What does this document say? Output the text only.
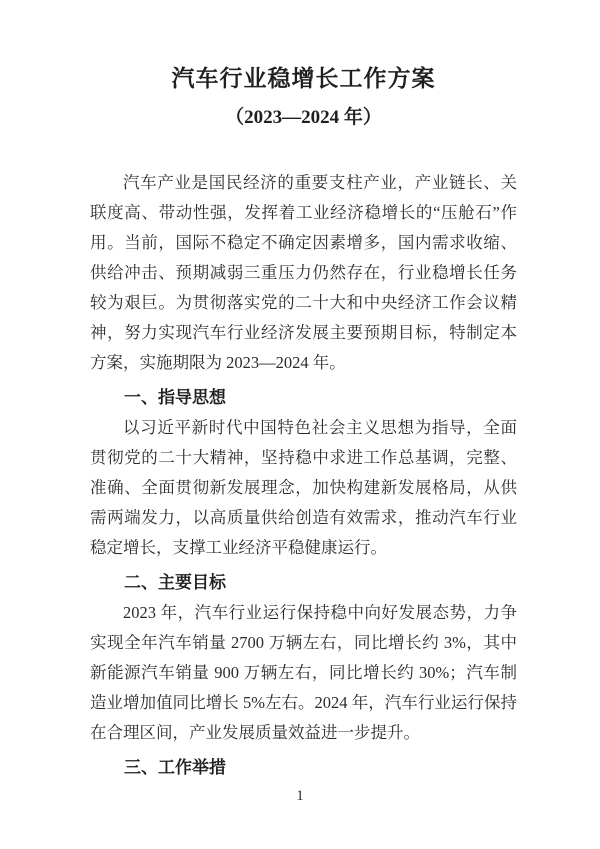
汽车行业稳增长工作方案
（2023—2024 年）

汽车产业是国民经济的重要支柱产业，产业链长、关联度高、带动性强，发挥着工业经济稳增长的“压舱石”作用。当前，国际不稳定不确定因素增多，国内需求收缩、供给冲击、预期减弱三重压力仍然存在，行业稳增长任务较为艰巨。为贯彻落实党的二十大和中央经济工作会议精神，努力实现汽车行业经济发展主要预期目标，特制定本方案，实施期限为 2023—2024 年。

一、指导思想

以习近平新时代中国特色社会主义思想为指导，全面贯彻党的二十大精神，坚持稳中求进工作总基调，完整、准确、全面贯彻新发展理念，加快构建新发展格局，从供需两端发力，以高质量供给创造有效需求，推动汽车行业稳定增长，支撑工业经济平稳健康运行。

二、主要目标

2023 年，汽车行业运行保持稳中向好发展态势，力争实现全年汽车销量 2700 万辆左右，同比增长约 3%，其中新能源汽车销量 900 万辆左右，同比增长约 30%；汽车制造业增加值同比增长 5%左右。2024 年，汽车行业运行保持在合理区间，产业发展质量效益进一步提升。

三、工作举措
1
